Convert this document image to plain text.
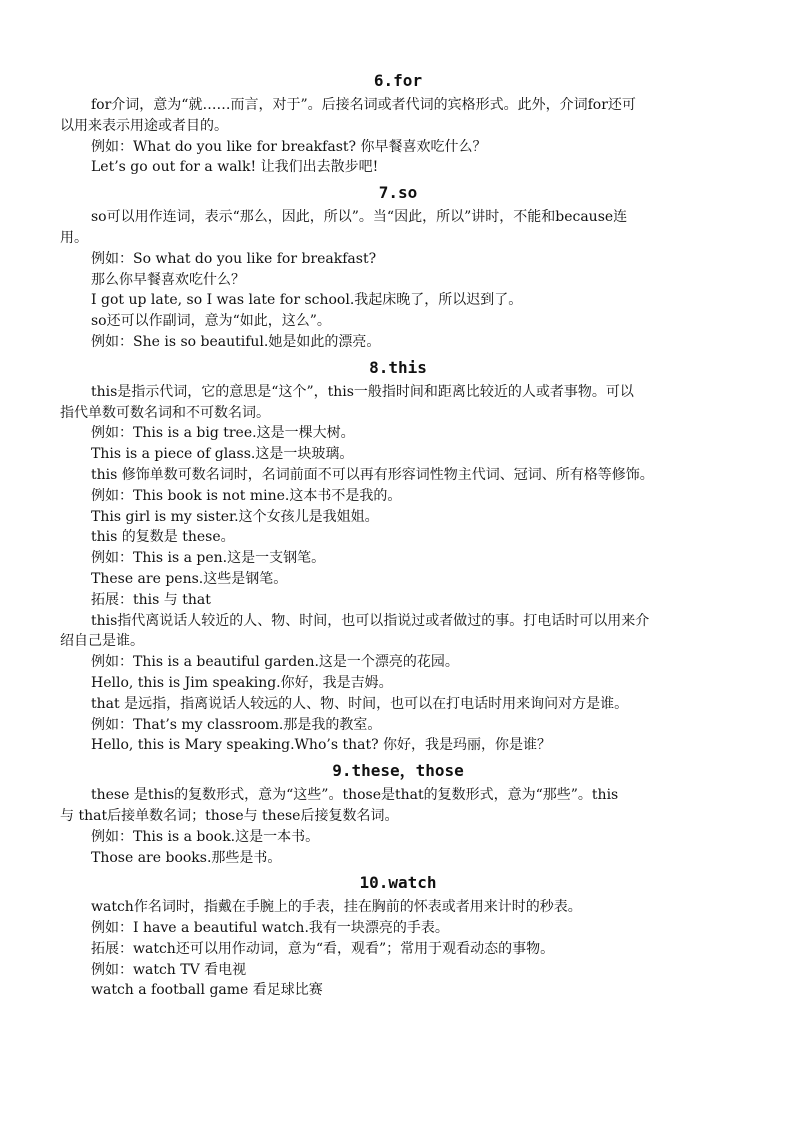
6.for

for介词，意为“就……而言，对于”。后接名词或者代词的宾格形式。此外，介词for还可

以用来表示用途或者目的。

例如：What do you like for breakfast? 你早餐喜欢吃什么？

Let’s go out for a walk! 让我们出去散步吧!

7.so

so可以用作连词，表示“那么，因此，所以”。当“因此，所以”讲时，不能和because连

用。

例如：So what do you like for breakfast?

那么你早餐喜欢吃什么？

I got up late, so I was late for school.我起床晚了，所以迟到了。

so还可以作副词，意为“如此，这么”。

例如：She is so beautiful.她是如此的漂亮。

8.this

this是指示代词，它的意思是“这个”，this一般指时间和距离比较近的人或者事物。可以

指代单数可数名词和不可数名词。

例如：This is a big tree.这是一棵大树。

This is a piece of glass.这是一块玻璃。

this 修饰单数可数名词时，名词前面不可以再有形容词性物主代词、冠词、所有格等修饰。

例如：This book is not mine.这本书不是我的。

This girl is my sister.这个女孩儿是我姐姐。

this 的复数是 these。

例如：This is a pen.这是一支钢笔。

These are pens.这些是钢笔。

拓展：this 与 that

this指代离说话人较近的人、物、时间，也可以指说过或者做过的事。打电话时可以用来介

绍自己是谁。

例如：This is a beautiful garden.这是一个漂亮的花园。

Hello, this is Jim speaking.你好，我是吉姆。

that 是远指，指离说话人较远的人、物、时间，也可以在打电话时用来询问对方是谁。

例如：That’s my classroom.那是我的教室。

Hello, this is Mary speaking.Who’s that? 你好，我是玛丽，你是谁？

9.these，those

these 是this的复数形式，意为“这些”。those是that的复数形式，意为“那些”。this

与 that后接单数名词；those与 these后接复数名词。

例如：This is a book.这是一本书。

Those are books.那些是书。

10.watch

watch作名词时，指戴在手腕上的手表，挂在胸前的怀表或者用来计时的秒表。

例如：I have a beautiful watch.我有一块漂亮的手表。

拓展：watch还可以用作动词，意为“看，观看”；常用于观看动态的事物。

例如：watch TV 看电视

watch a football game 看足球比赛
